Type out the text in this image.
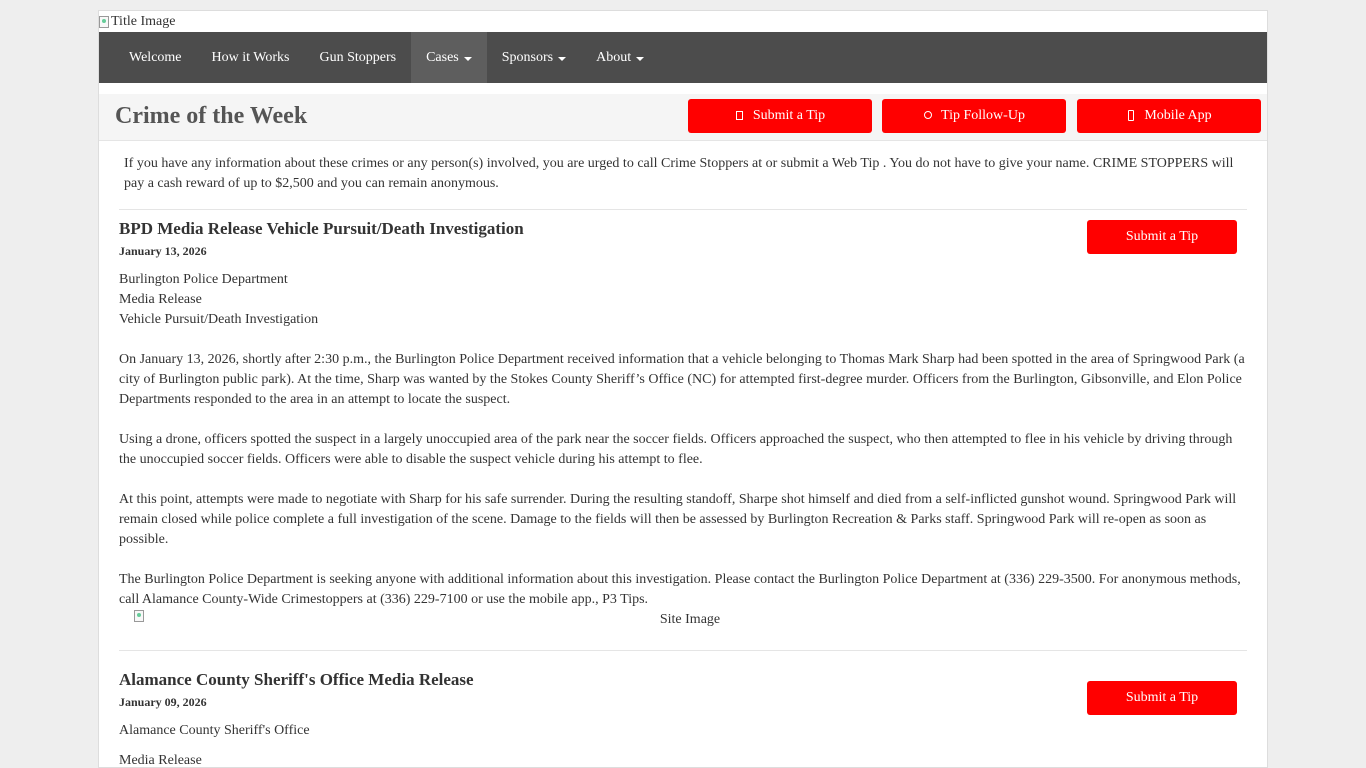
Title Image
Welcome How it Works Gun Stoppers Cases	Sponsors	About
Crime of the Week	Submit a Tip	Tip Follow-Up	Mobile App
If you have any information about these crimes or any person(s) involved, you are urged to call Crime Stoppers at or submit a Web Tip . You do not have to give your name. CRIME STOPPERS will pay a cash reward of up to $2,500 and you can remain anonymous.
BPD Media Release Vehicle Pursuit/Death Investigation
January 13, 2026
Submit a Tip

Burlington Police Department

Media Release

Vehicle Pursuit/Death Investigation

On January 13, 2026, shortly after 2:30 p.m., the Burlington Police Department received information that a vehicle belonging to Thomas Mark Sharp had been spotted in the area of Springwood Park (a city of Burlington public park). At the time, Sharp was wanted by the Stokes County Sheriff’s Office (NC) for attempted first-degree murder. Officers from the Burlington, Gibsonville, and Elon Police Departments responded to the area in an attempt to locate the suspect.

Using a drone, officers spotted the suspect in a largely unoccupied area of the park near the soccer fields. Officers approached the suspect, who then attempted to flee in his vehicle by driving through the unoccupied soccer fields. Officers were able to disable the suspect vehicle during his attempt to flee.

At this point, attempts were made to negotiate with Sharp for his safe surrender. During the resulting standoff, Sharpe shot himself and died from a self-inflicted gunshot wound. Springwood Park will remain closed while police complete a full investigation of the scene. Damage to the fields will then be assessed by Burlington Recreation & Parks staff. Springwood Park will re-open as soon as possible.

The Burlington Police Department is seeking anyone with additional information about this investigation. Please contact the Burlington Police Department at (336) 229-3500. For anonymous methods, call Alamance County-Wide Crimestoppers at (336) 229-7100 or use the mobile app., P3 Tips.

Site Image
Alamance County Sheriff's Office Media Release
January 09, 2026	Submit a Tip

Alamance County Sheriff's Office

Media Release
